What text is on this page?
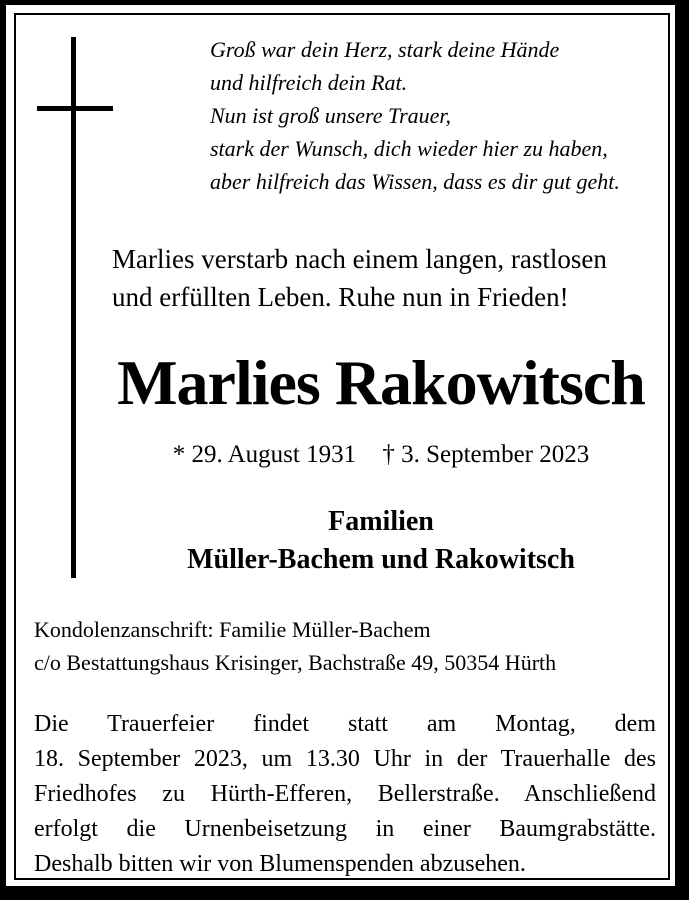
Groß war dein Herz, stark deine Hände
und hilfreich dein Rat.
Nun ist groß unsere Trauer,
stark der Wunsch, dich wieder hier zu haben,
aber hilfreich das Wissen, dass es dir gut geht.
Marlies verstarb nach einem langen, rastlosen
und erfüllten Leben. Ruhe nun in Frieden!
Marlies Rakowitsch
* 29. August 1931 † 3. September 2023
Familien
Müller-Bachem und Rakowitsch
Kondolenzanschrift: Familie Müller-Bachem
c/o Bestattungshaus Krisinger, Bachstraße 49, 50354 Hürth
Die Trauerfeier findet statt am Montag, dem
18. September 2023, um 13.30 Uhr in der Trauerhalle des
Friedhofes zu Hürth-Efferen, Bellerstraße. Anschließend
erfolgt die Urnenbeisetzung in einer Baumgrabstätte.
Deshalb bitten wir von Blumenspenden abzusehen.
